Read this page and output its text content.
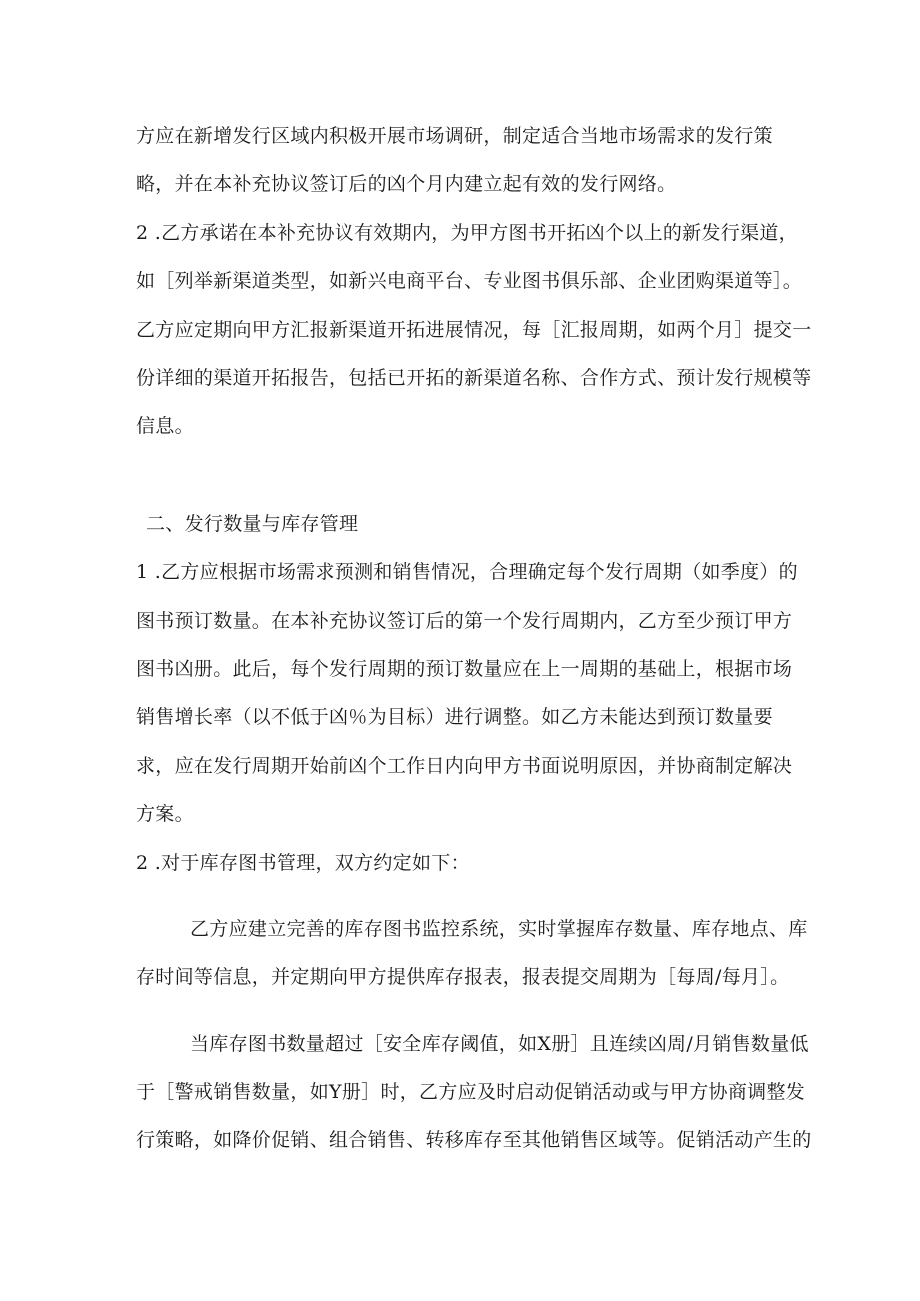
方应在新增发行区域内积极开展市场调研，制定适合当地市场需求的发行策
略，并在本补充协议签订后的凶个月内建立起有效的发行网络。
2 .乙方承诺在本补充协议有效期内，为甲方图书开拓凶个以上的新发行渠道，
如［列举新渠道类型，如新兴电商平台、专业图书俱乐部、企业团购渠道等］。
乙方应定期向甲方汇报新渠道开拓进展情况，每［汇报周期，如两个月］提交一
份详细的渠道开拓报告，包括已开拓的新渠道名称、合作方式、预计发行规模等
信息。
二、发行数量与库存管理
1 .乙方应根据市场需求预测和销售情况，合理确定每个发行周期（如季度）的
图书预订数量。在本补充协议签订后的第一个发行周期内，乙方至少预订甲方
图书凶册。此后，每个发行周期的预订数量应在上一周期的基础上，根据市场
销售增长率（以不低于凶％为目标）进行调整。如乙方未能达到预订数量要
求，应在发行周期开始前凶个工作日内向甲方书面说明原因，并协商制定解决
方案。
2 .对于库存图书管理，双方约定如下：
乙方应建立完善的库存图书监控系统，实时掌握库存数量、库存地点、库
存时间等信息，并定期向甲方提供库存报表，报表提交周期为［每周/每月］。
当库存图书数量超过［安全库存阈值，如X册］且连续凶周/月销售数量低
于［警戒销售数量，如Y册］时，乙方应及时启动促销活动或与甲方协商调整发
行策略，如降价促销、组合销售、转移库存至其他销售区域等。促销活动产生的
